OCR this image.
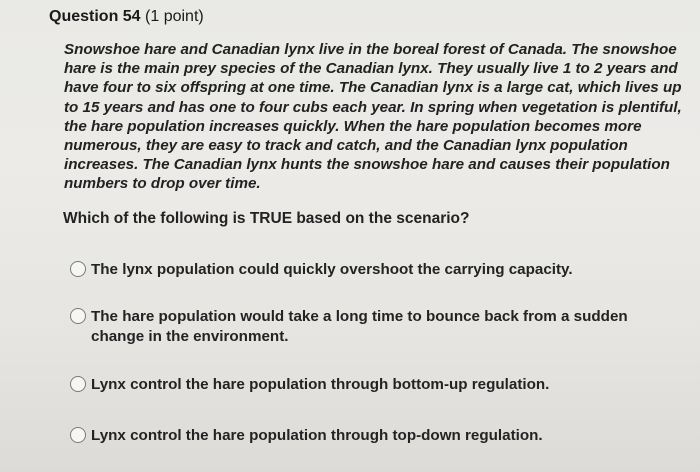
Question 54 (1 point)

Snowshoe hare and Canadian lynx live in the boreal forest of Canada. The snowshoe hare is the main prey species of the Canadian lynx. They usually live 1 to 2 years and have four to six offspring at one time. The Canadian lynx is a large cat, which lives up to 15 years and has one to four cubs each year. In spring when vegetation is plentiful, the hare population increases quickly. When the hare population becomes more numerous, they are easy to track and catch, and the Canadian lynx population increases. The Canadian lynx hunts the snowshoe hare and causes their population numbers to drop over time.

Which of the following is TRUE based on the scenario?
The lynx population could quickly overshoot the carrying capacity.
The hare population would take a long time to bounce back from a sudden change in the environment.
Lynx control the hare population through bottom-up regulation.
Lynx control the hare population through top-down regulation.
